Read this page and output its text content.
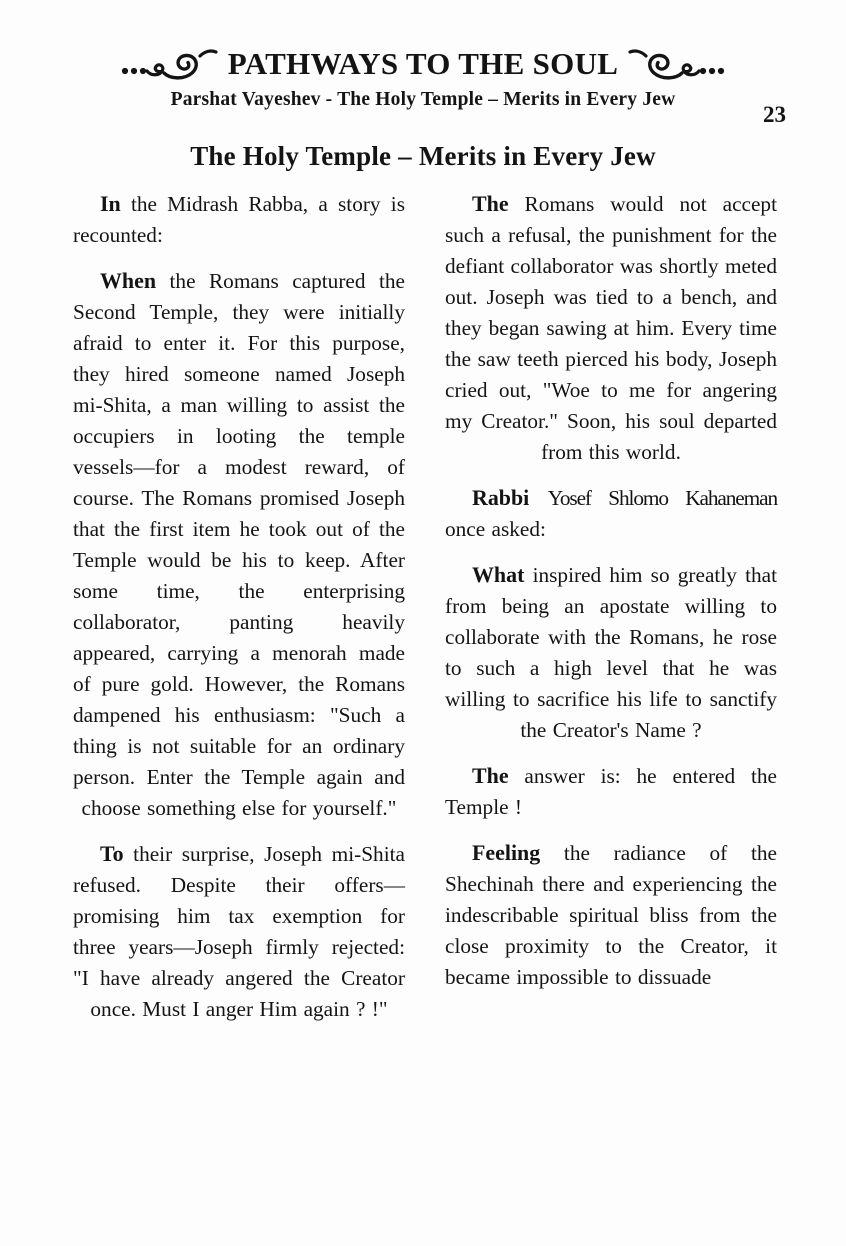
PATHWAYS TO THE SOUL
23
Parshat Vayeshev - The Holy Temple – Merits in Every Jew
The Holy Temple – Merits in Every Jew

In the Midrash Rabba, a story is recounted:

When the Romans captured the Second Temple, they were initially afraid to enter it. For this purpose, they hired someone named Joseph mi-Shita, a man willing to assist the occupiers in looting the temple vessels—for a modest reward, of course. The Romans promised Joseph that the first item he took out of the Temple would be his to keep. After some time, the enterprising collaborator, panting heavily appeared, carrying a menorah made of pure gold. However, the Romans dampened his enthusiasm: "Such a thing is not suitable for an ordinary person. Enter the Temple again and choose something else for yourself."

To their surprise, Joseph mi-Shita refused. Despite their offers—promising him tax exemption for three years—Joseph firmly rejected: "I have already angered the Creator once. Must I anger Him again ? !"

The Romans would not accept such a refusal, the punishment for the defiant collaborator was shortly meted out. Joseph was tied to a bench, and they began sawing at him. Every time the saw teeth pierced his body, Joseph cried out, "Woe to me for angering my Creator." Soon, his soul departed from this world.

Rabbi Yosef Shlomo Kahaneman once asked:

What inspired him so greatly that from being an apostate willing to collaborate with the Romans, he rose to such a high level that he was willing to sacrifice his life to sanctify the Creator's Name ?

The answer is: he entered the Temple !

Feeling the radiance of the Shechinah there and experiencing the indescribable spiritual bliss from the close proximity to the Creator, it became impossible to dissuade
